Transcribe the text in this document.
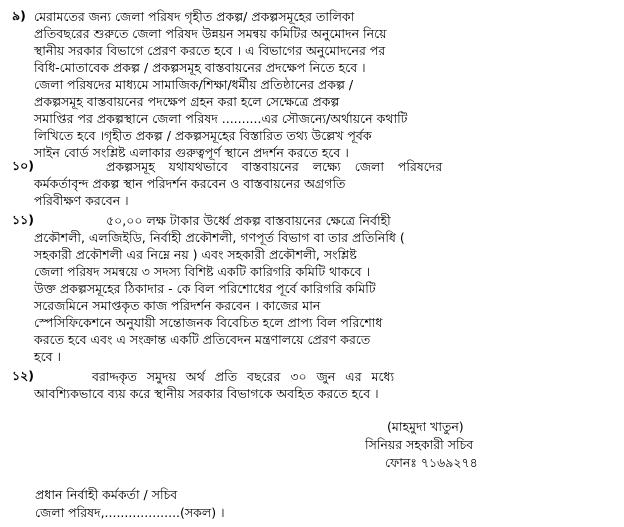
৯) মেরামতের জন্য জেলা পরিষদ গৃহীত প্রকল্প/ প্রকল্পসমূহের তালিকা
প্রতিবছরের শুরুতে জেলা পরিষদ উন্নয়ন সমন্বয় কমিটির অনুমোদন নিয়ে
স্থানীয় সরকার বিভাগে প্রেরণ করতে হবে । এ বিভাগের অনুমোদনের পর
বিধি-মোতাবেক প্রকল্প / প্রকল্পসমূহ বাস্তবায়নের প্রদক্ষেপ নিতে হবে ।
জেলা পরিষদের মাধ্যমে সামাজিক/শিক্ষা/ধর্মীয় প্রতিষ্ঠানের প্রকল্প /
প্রকল্পসমূহ বাস্তবায়নের পদক্ষেপ গ্রহন করা হলে সেক্ষেত্রে প্রকল্প
সমাপ্তির পর প্রকল্পস্থানে জেলা পরিষদ ..........এর সৌজন্যে/অর্থায়নে কথাটি
লিখিতে হবে ।গৃহীত প্রকল্প / প্রকল্পসমূহের বিস্তারিত তথ্য উল্লেখ পূর্বক
সাইন বোর্ড সংশ্লিষ্ট এলাকার গুরুত্বপূর্ণ স্থানে প্রদর্শন করতে হবে ।
১০)	প্রকল্পসমূহ যথাযথভাবে বাস্তবায়নের লক্ষ্যে জেলা পরিষদের
কর্মকর্তাবৃন্দ প্রকল্প স্থান পরিদর্শন করবেন ও বাস্তবায়নের অগ্রগতি
পরিবীক্ষণ করবেন ।
১১)	৫০,০০ লক্ষ টাকার উর্ধ্বে প্রকল্প বাস্তবায়নের ক্ষেত্রে নির্বাহী
প্রকৌশলী, এলজিইডি, নির্বাহী প্রকৌশলী, গণপূর্ত বিভাগ বা তার প্রতিনিধি (
সহকারী প্রকৌশলী এর নিম্নে নয় ) এবং সহকারী প্রকৌশলী, সংশ্লিষ্ট
জেলা পরিষদ সমন্বয়ে ৩ সদস্য বিশিষ্ট একটি কারিগরি কমিটি থাকবে ।
উক্ত প্রকল্পসমূহের ঠিকাদার - কে বিল পরিশোধের পূর্বে কারিগরি কমিটি
সরেজমিনে সমাপ্তকৃত কাজ পরিদর্শন করবেন । কাজের মান
স্পেসিফিকেশনে অনুযায়ী সন্তোজনক বিবেচিত হলে প্রাপ্য বিল পরিশোধ
করতে হবে এবং এ সংক্রান্ত একটি প্রতিবেদন মন্ত্রণালয়ে প্রেরণ করতে
হবে ।
১২)	বরাদ্দকৃত সমুদয় অর্থ প্রতি বছরের ৩০ জুন এর মধ্যে
আবশ্যিকভাবে ব্যয় করে স্থানীয় সরকার বিভাগকে অবহিত করতে হবে ।
(মাহমুদা খাতুন)
সিনিয়র সহকারী সচিব
ফোনঃ ৭১৬৯২৭৪
প্রধান নির্বাহী কর্মকর্তা / সচিব
জেলা পরিষদ,...................(সকল) ।
